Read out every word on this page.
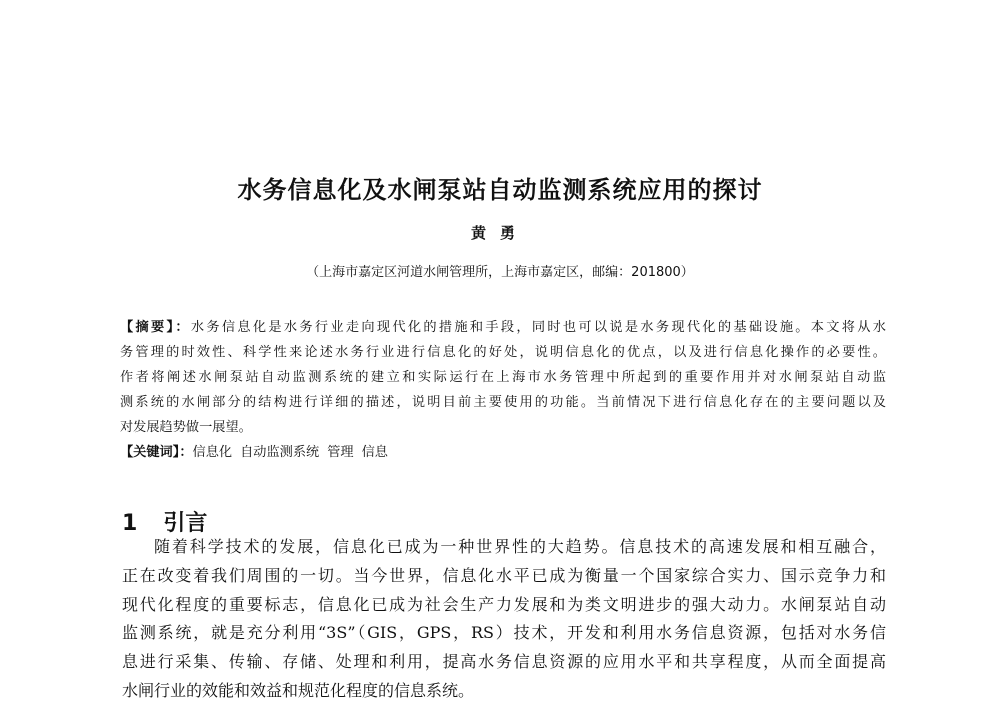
水务信息化及水闸泵站自动监测系统应用的探讨
黄勇
（上海市嘉定区河道水闸管理所，上海市嘉定区，邮编：201800）
【摘要】：水务信息化是水务行业走向现代化的措施和手段，同时也可以说是水务现代化的基础设施。本文将从水
务管理的时效性、科学性来论述水务行业进行信息化的好处，说明信息化的优点，以及进行信息化操作的必要性。
作者将阐述水闸泵站自动监测系统的建立和实际运行在上海市水务管理中所起到的重要作用并对水闸泵站自动监
测系统的水闸部分的结构进行详细的描述，说明目前主要使用的功能。当前情况下进行信息化存在的主要问题以及
对发展趋势做一展望。
【关键词】：信息化 自动监测系统 管理 信息
1 引言
随着科学技术的发展，信息化已成为一种世界性的大趋势。信息技术的高速发展和相互融合，
正在改变着我们周围的一切。当今世界，信息化水平已成为衡量一个国家综合实力、国示竞争力和
现代化程度的重要标志，信息化已成为社会生产力发展和为类文明进步的强大动力。水闸泵站自动
监测系统，就是充分利用“3S”（GIS，GPS，RS）技术，开发和利用水务信息资源，包括对水务信
息进行采集、传输、存储、处理和利用，提高水务信息资源的应用水平和共享程度，从而全面提高
水闸行业的效能和效益和规范化程度的信息系统。
